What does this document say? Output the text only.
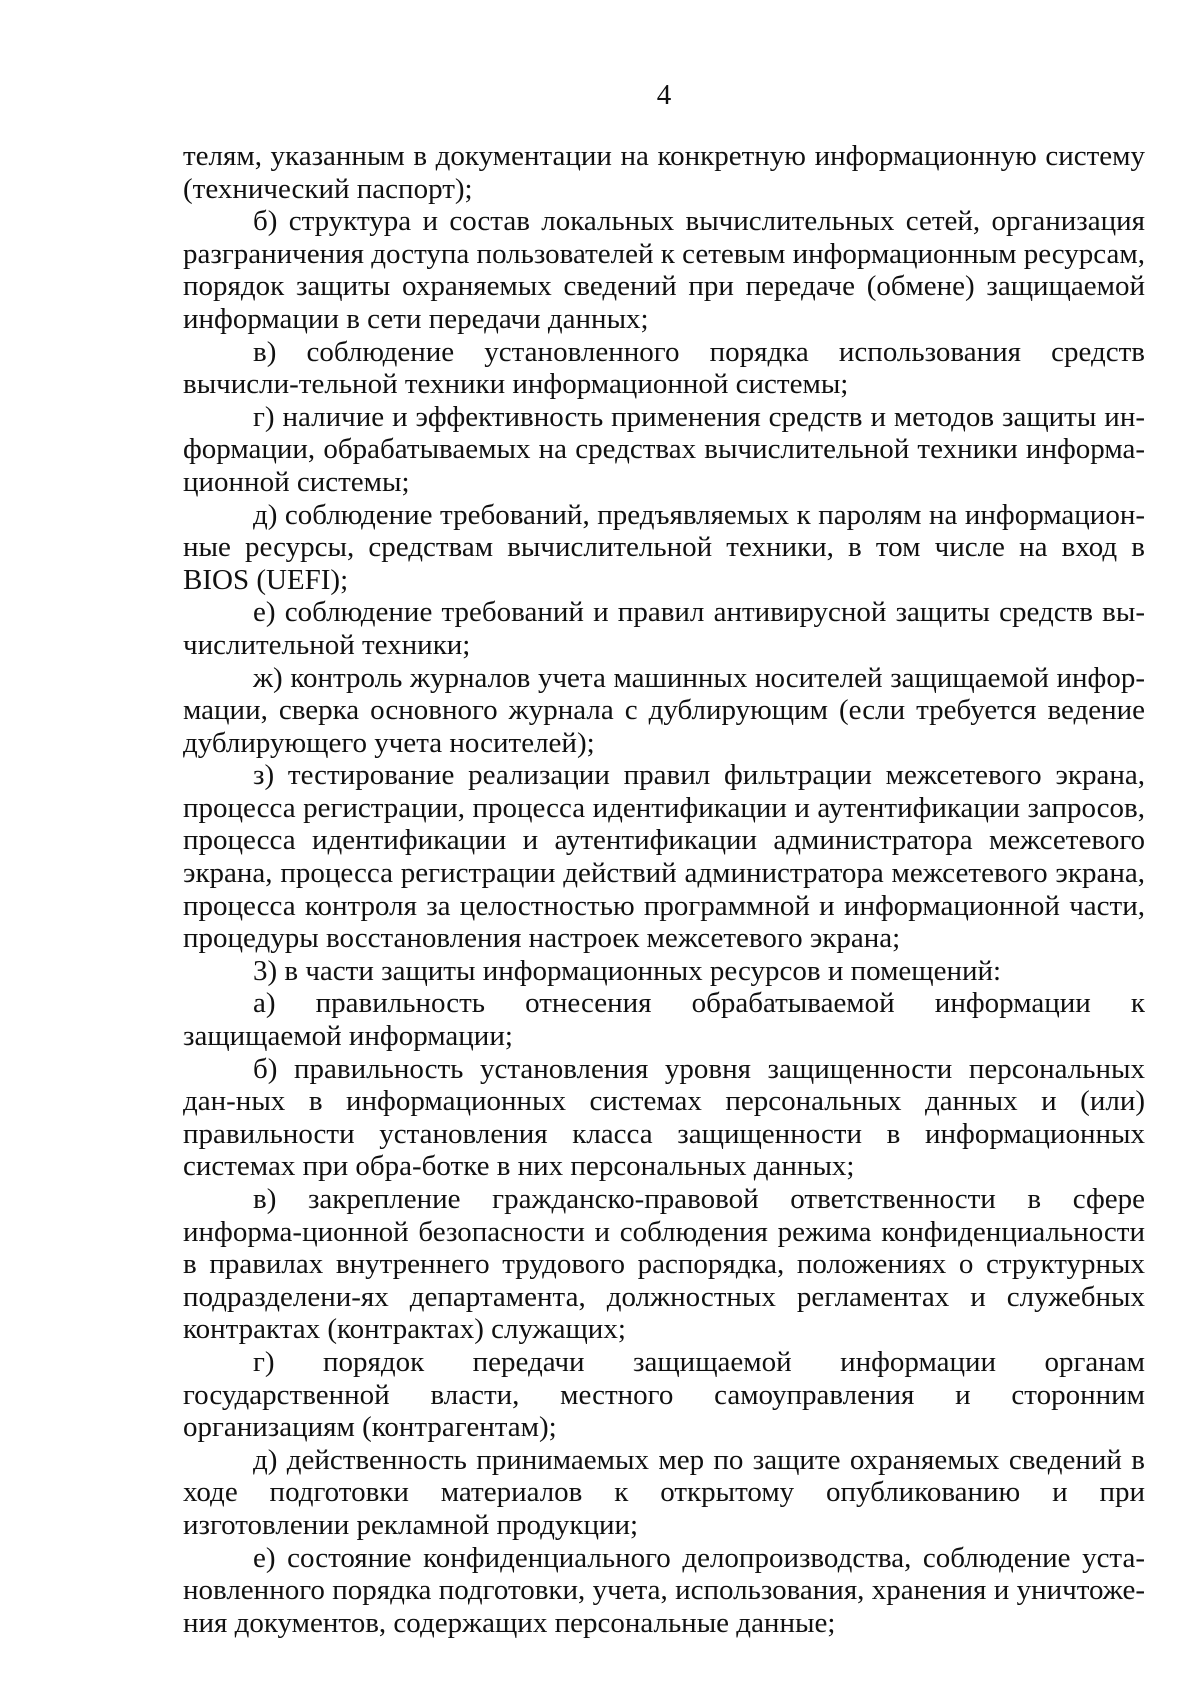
4

телям, указанным в документации на конкретную информационную систему (технический паспорт);

б) структура и состав локальных вычислительных сетей, организация разграничения доступа пользователей к сетевым информационным ресурсам, порядок защиты охраняемых сведений при передаче (обмене) защищаемой информации в сети передачи данных;

в) соблюдение установленного порядка использования средств вычисли-тельной техники информационной системы;

г) наличие и эффективность применения средств и методов защиты ин-формации, обрабатываемых на средствах вычислительной техники информа-ционной системы;

д) соблюдение требований, предъявляемых к паролям на информацион-ные ресурсы, средствам вычислительной техники, в том числе на вход в BIOS (UEFI);

е) соблюдение требований и правил антивирусной защиты средств вы-числительной техники;

ж) контроль журналов учета машинных носителей защищаемой инфор-мации, сверка основного журнала с дублирующим (если требуется ведение дублирующего учета носителей);

з) тестирование реализации правил фильтрации межсетевого экрана, процесса регистрации, процесса идентификации и аутентификации запросов, процесса идентификации и аутентификации администратора межсетевого экрана, процесса регистрации действий администратора межсетевого экрана, процесса контроля за целостностью программной и информационной части, процедуры восстановления настроек межсетевого экрана;

3) в части защиты информационных ресурсов и помещений:

а) правильность отнесения обрабатываемой информации к защищаемой информации;

б) правильность установления уровня защищенности персональных дан-ных в информационных системах персональных данных и (или) правильности установления класса защищенности в информационных системах при обра-ботке в них персональных данных;

в) закрепление гражданско-правовой ответственности в сфере информа-ционной безопасности и соблюдения режима конфиденциальности в правилах внутреннего трудового распорядка, положениях о структурных подразделени-ях департамента, должностных регламентах и служебных контрактах (контрактах) служащих;

г) порядок передачи защищаемой информации органам государственной власти, местного самоуправления и сторонним организациям (контрагентам);

д) действенность принимаемых мер по защите охраняемых сведений в ходе подготовки материалов к открытому опубликованию и при изготовлении рекламной продукции;

е) состояние конфиденциального делопроизводства, соблюдение уста-новленного порядка подготовки, учета, использования, хранения и уничтоже-ния документов, содержащих персональные данные;
